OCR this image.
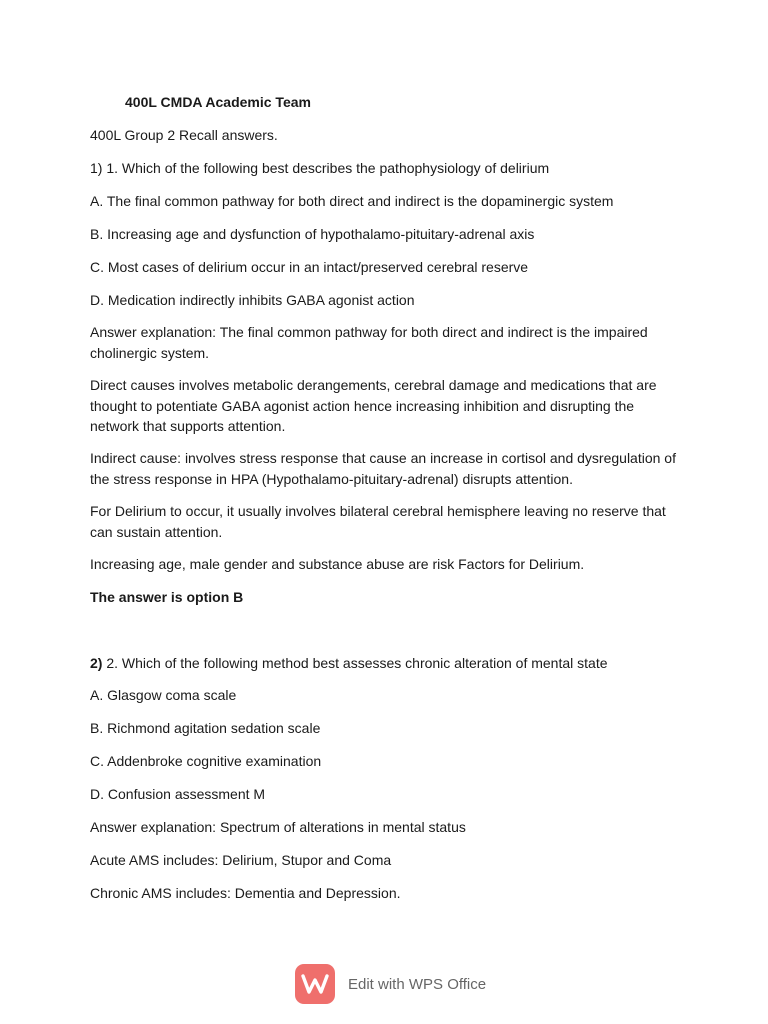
400L CMDA Academic Team

400L Group 2 Recall answers.

1) 1. Which of the following best describes the pathophysiology of delirium

A. The final common pathway for both direct and indirect is the dopaminergic system

B. Increasing age and dysfunction of hypothalamo-pituitary-adrenal axis

C. Most cases of delirium occur in an intact/preserved cerebral reserve

D. Medication indirectly inhibits GABA agonist action

Answer explanation: The final common pathway for both direct and indirect is the impaired cholinergic system.

Direct causes involves metabolic derangements, cerebral damage and medications that are thought to potentiate GABA agonist action hence increasing inhibition and disrupting the network that supports attention.

Indirect cause: involves stress response that cause an increase in cortisol and dysregulation of the stress response in HPA (Hypothalamo-pituitary-adrenal) disrupts attention.

For Delirium to occur, it usually involves bilateral cerebral hemisphere leaving no reserve that can sustain attention.

Increasing age, male gender and substance abuse are risk Factors for Delirium.

The answer is option B

2) 2. Which of the following method best assesses chronic alteration of mental state

A. Glasgow coma scale

B. Richmond agitation sedation scale

C. Addenbroke cognitive examination

D. Confusion assessment M

Answer explanation: Spectrum of alterations in mental status

Acute AMS includes: Delirium, Stupor and Coma

Chronic AMS includes: Dementia and Depression.

Edit with WPS Office
